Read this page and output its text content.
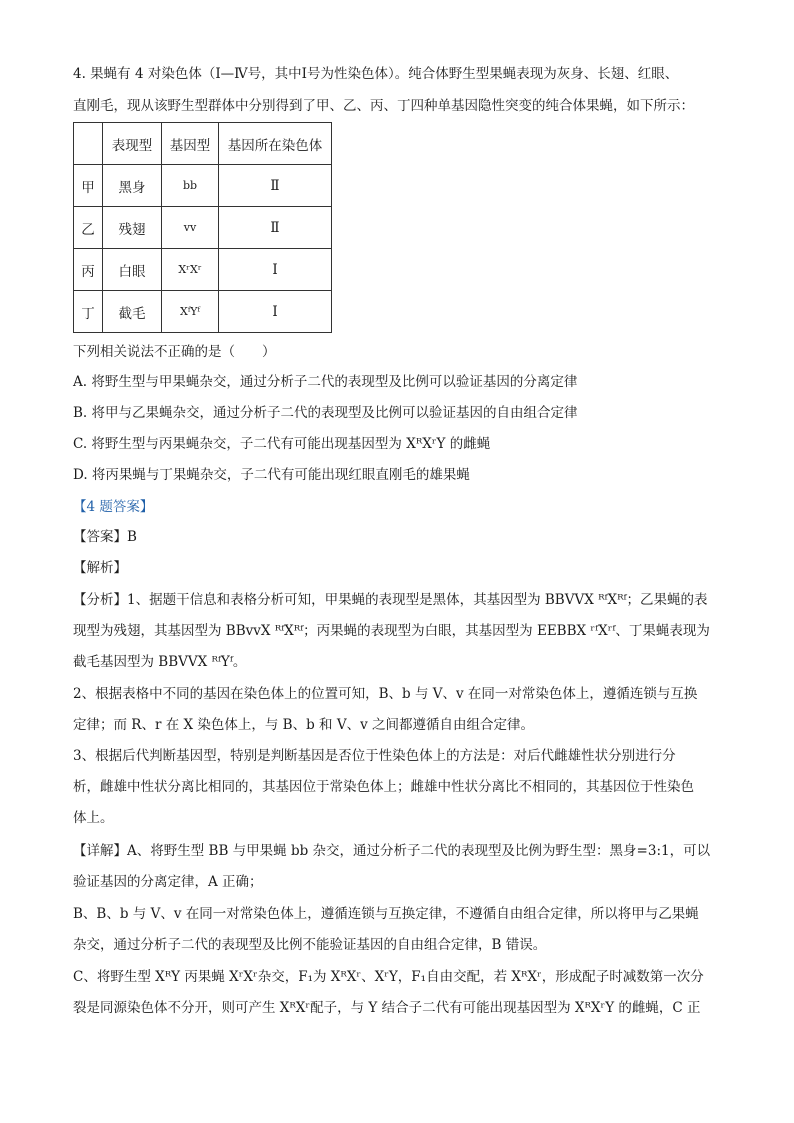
4. 果蝇有 4 对染色体（Ⅰ—Ⅳ号，其中Ⅰ号为性染色体）。纯合体野生型果蝇表现为灰身、长翅、红眼、
直刚毛，现从该野生型群体中分别得到了甲、乙、丙、丁四种单基因隐性突变的纯合体果蝇，如下所示：
	表现型	基因型	基因所在染色体
甲	黑身	bb	Ⅱ
乙	残翅	vv	Ⅱ
丙	白眼	XʳXʳ	Ⅰ
丁	截毛	XᶠYᶠ	Ⅰ
下列相关说法不正确的是（　　）
A. 将野生型与甲果蝇杂交，通过分析子二代的表现型及比例可以验证基因的分离定律
B. 将甲与乙果蝇杂交，通过分析子二代的表现型及比例可以验证基因的自由组合定律
C. 将野生型与丙果蝇杂交，子二代有可能出现基因型为 XᴿXʳY 的雌蝇
D. 将丙果蝇与丁果蝇杂交，子二代有可能出现红眼直刚毛的雄果蝇
【4 题答案】
【答案】B
【解析】
【分析】1、据题干信息和表格分析可知，甲果蝇的表现型是黑体，其基因型为 BBVVX ᴿᶠXᴿᶠ；乙果蝇的表
现型为残翅，其基因型为 BBvvX ᴿᶠXᴿᶠ；丙果蝇的表现型为白眼，其基因型为 EEBBX ʳᶠXʳᶠ、丁果蝇表现为
截毛基因型为 BBVVX ᴿᶠYᶠ。
2、根据表格中不同的基因在染色体上的位置可知，B、b 与 V、v 在同一对常染色体上，遵循连锁与互换
定律；而 R、r 在 X 染色体上，与 B、b 和 V、v 之间都遵循自由组合定律。
3、根据后代判断基因型，特别是判断基因是否位于性染色体上的方法是：对后代雌雄性状分别进行分
析，雌雄中性状分离比相同的，其基因位于常染色体上；雌雄中性状分离比不相同的，其基因位于性染色
体上。
【详解】A、将野生型 BB 与甲果蝇 bb 杂交，通过分析子二代的表现型及比例为野生型：黑身=3:1，可以
验证基因的分离定律，A 正确；
B、B、b 与 V、v 在同一对常染色体上，遵循连锁与互换定律，不遵循自由组合定律，所以将甲与乙果蝇
杂交，通过分析子二代的表现型及比例不能验证基因的自由组合定律，B 错误。
C、将野生型 XᴿY 丙果蝇 XʳXʳ杂交，F₁为 XᴿXʳ、XʳY，F₁自由交配，若 XᴿXʳ，形成配子时减数第一次分
裂是同源染色体不分开，则可产生 XᴿXʳ配子，与 Y 结合子二代有可能出现基因型为 XᴿXʳY 的雌蝇，C 正
